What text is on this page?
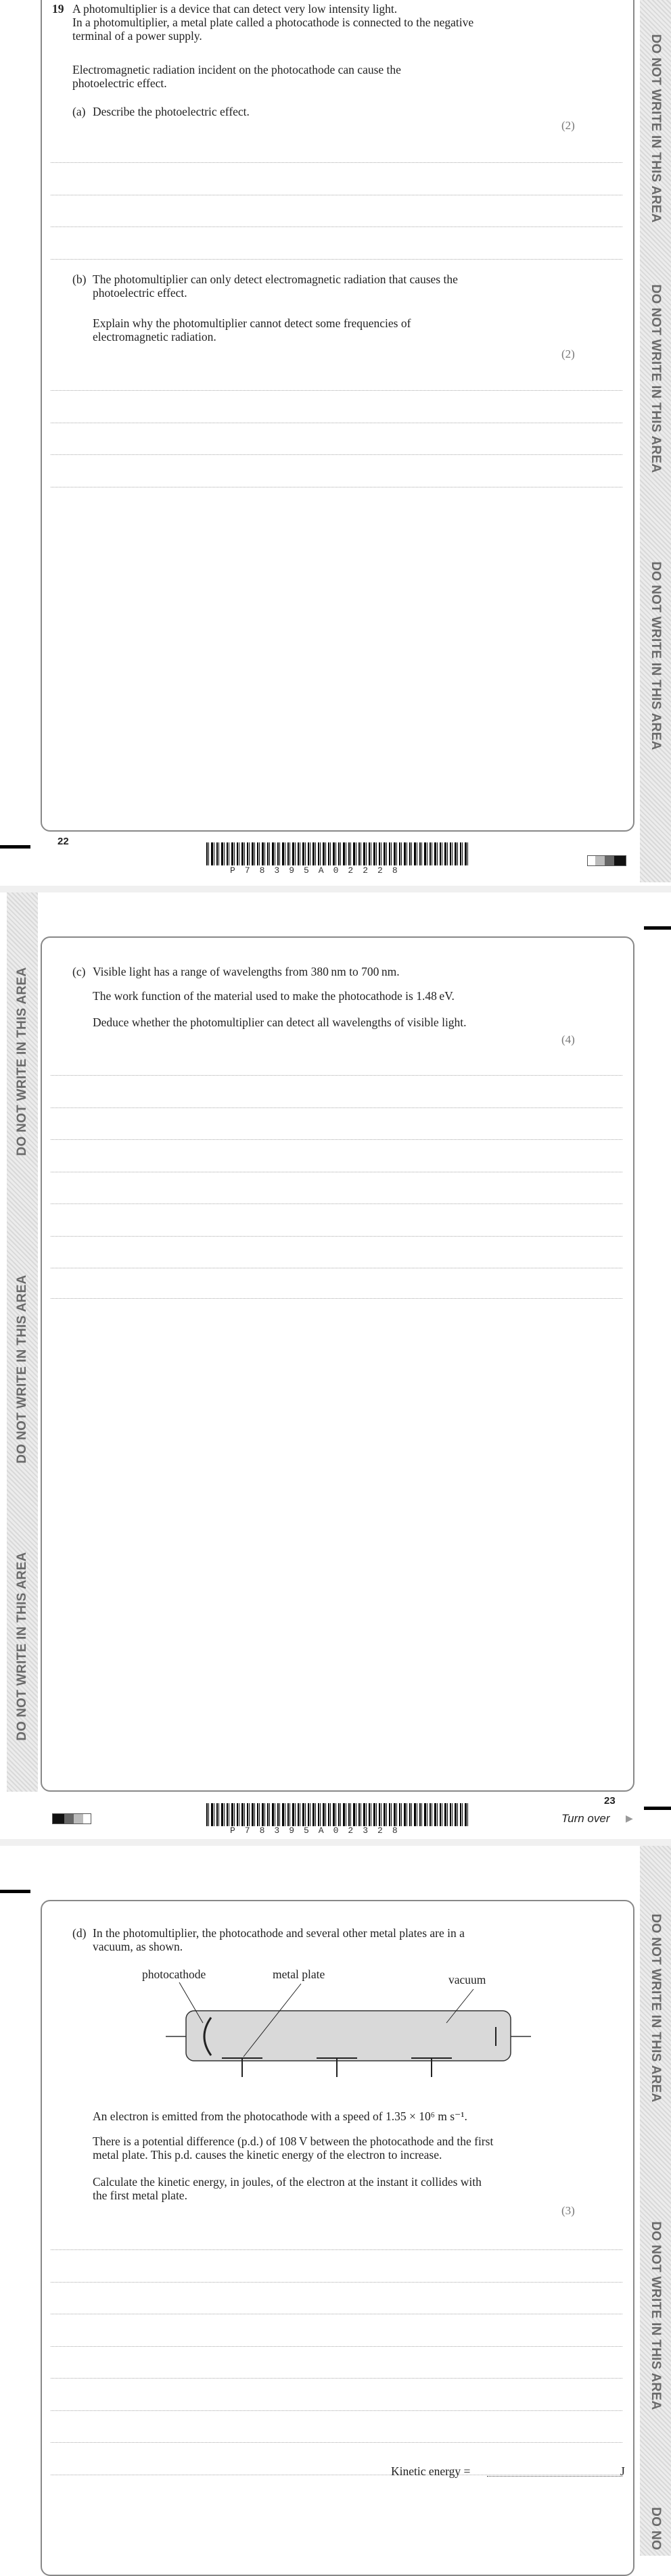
DO NOT WRITE IN THIS AREA
DO NOT WRITE IN THIS AREA
DO NOT WRITE IN THIS AREA
19 A photomultiplier is a device that can detect very low intensity light.
In a photomultiplier, a metal plate called a photocathode is connected to the negative
terminal of a power supply.
Electromagnetic radiation incident on the photocathode can cause the
photoelectric effect.
(a) Describe the photoelectric effect.
(2)
(b) The photomultiplier can only detect electromagnetic radiation that causes the
photoelectric effect.
Explain why the photomultiplier cannot detect some frequencies of
electromagnetic radiation.
(2)
22
P78395A02228
DO NOT WRITE IN THIS AREA
DO NOT WRITE IN THIS AREA
DO NOT WRITE IN THIS AREA
(c) Visible light has a range of wavelengths from 380 nm to 700 nm.
The work function of the material used to make the photocathode is 1.48 eV.
Deduce whether the photomultiplier can detect all wavelengths of visible light.
(4)
23
P78395A02328
Turn over ▶
DO NOT WRITE IN THIS AREA
DO NOT WRITE IN THIS AREA
DO NO
(d) In the photomultiplier, the photocathode and several other metal plates are in a
vacuum, as shown.
photocathode	metal plate	vacuum
An electron is emitted from the photocathode with a speed of 1.35 × 10⁶ m s⁻¹.
There is a potential difference (p.d.) of 108 V between the photocathode and the first
metal plate. This p.d. causes the kinetic energy of the electron to increase.
Calculate the kinetic energy, in joules, of the electron at the instant it collides with
the first metal plate.
(3)
Kinetic energy =	J
